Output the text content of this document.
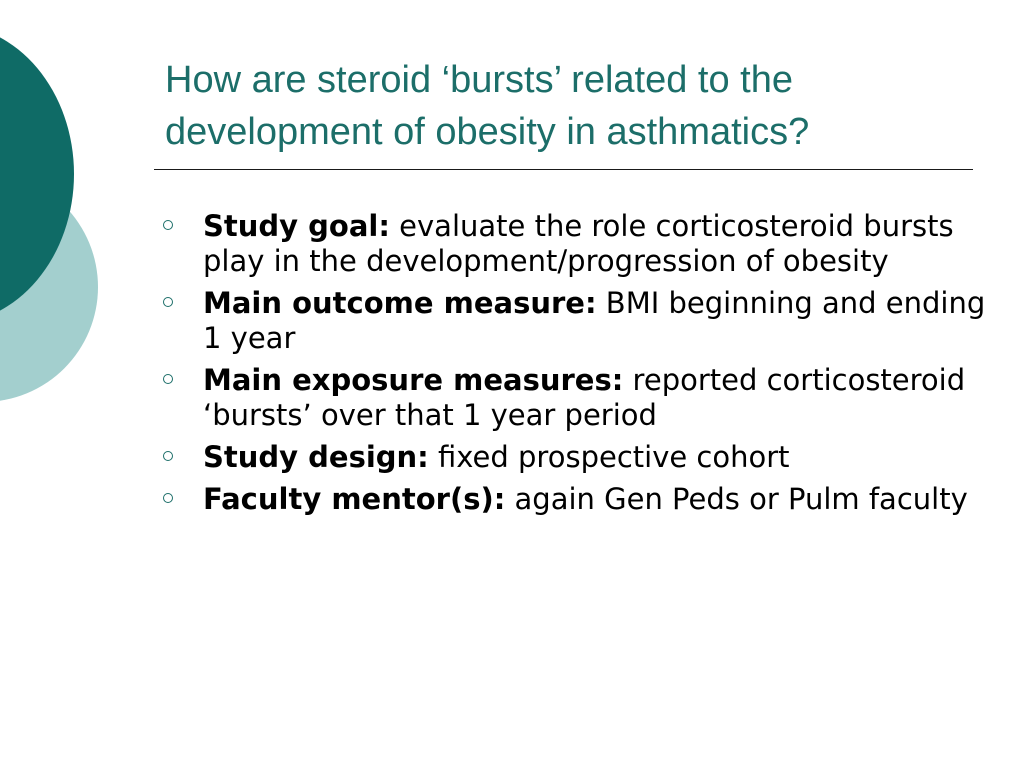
How are steroid ‘bursts’ related to the development of obesity in asthmatics?
Study goal: evaluate the role corticosteroid bursts play in the development/progression of obesity
Main outcome measure: BMI beginning and ending 1 year
Main exposure measures: reported corticosteroid ‘bursts’ over that 1 year period
Study design: fixed prospective cohort
Faculty mentor(s): again Gen Peds or Pulm faculty
